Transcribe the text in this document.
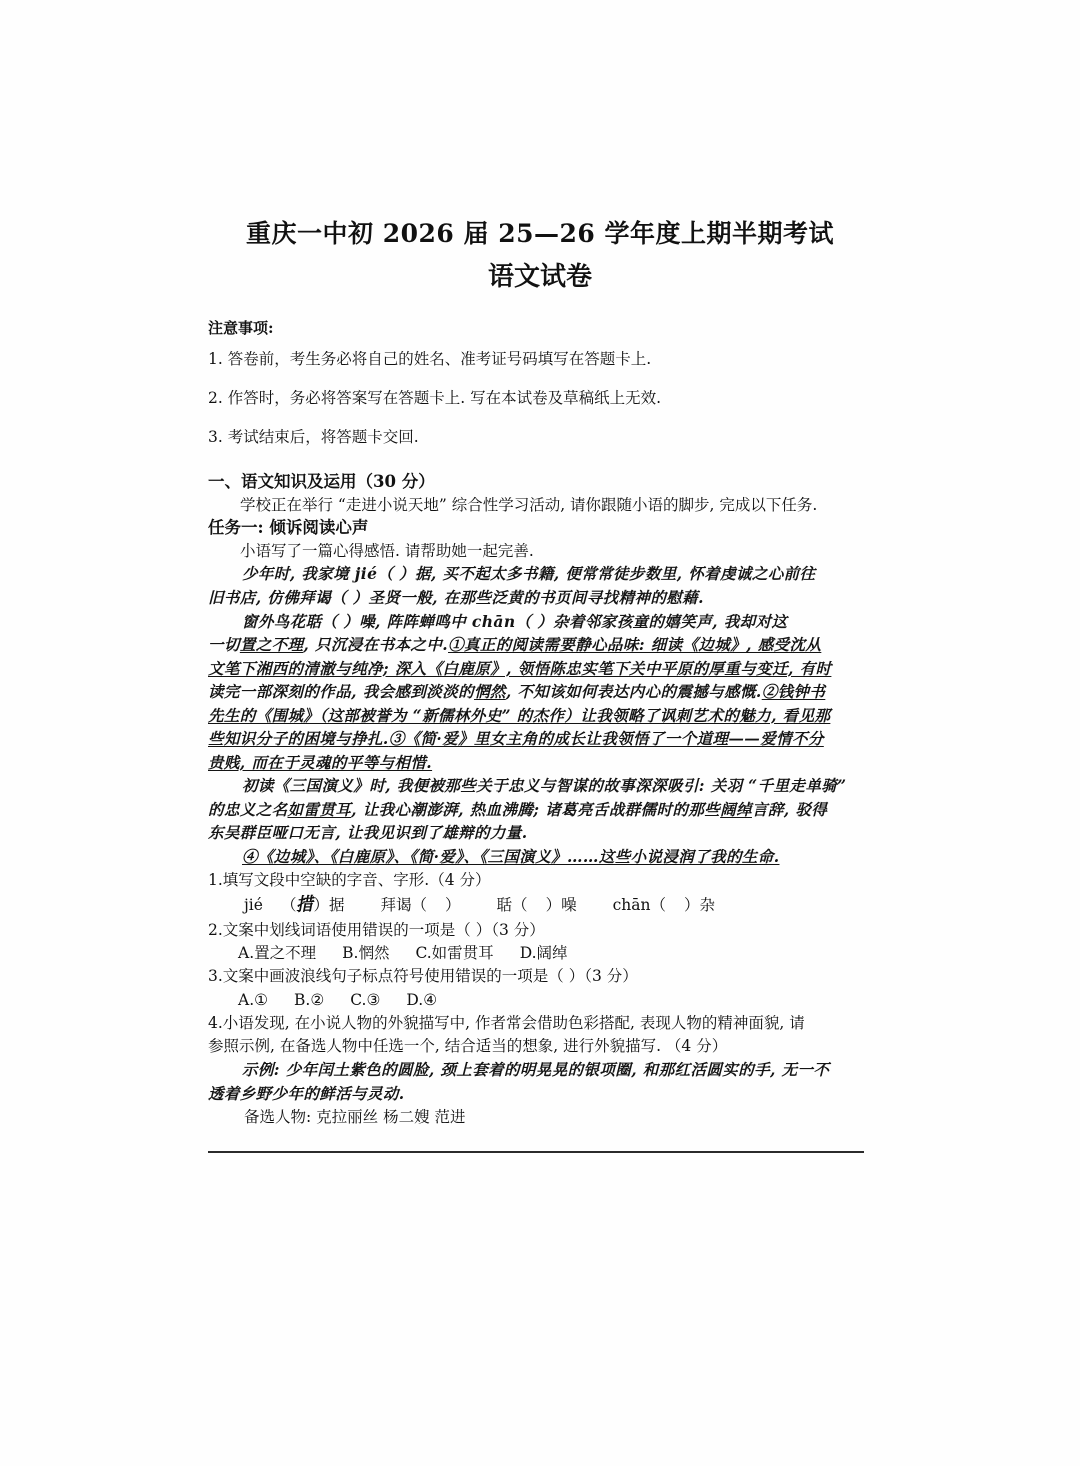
重庆一中初 2026 届 25—26 学年度上期半期考试
语文试卷
注意事项:

1. 答卷前，考生务必将自己的姓名、准考证号码填写在答题卡上.

2. 作答时，务必将答案写在答题卡上. 写在本试卷及草稿纸上无效.

3. 考试结束后，将答题卡交回.

一、语文知识及运用（30 分）

学校正在举行 “走进小说天地” 综合性学习活动, 请你跟随小语的脚步, 完成以下任务.

任务一: 倾诉阅读心声

小语写了一篇心得感悟. 请帮助她一起完善.

少年时, 我家境 jié（ ）据, 买不起太多书籍, 便常常徒步数里, 怀着虔诚之心前往

旧书店, 仿佛拜谒（ ）圣贤一般, 在那些泛黄的书页间寻找精神的慰藉.

窗外鸟花聒（ ）噪, 阵阵蝉鸣中 chān（ ）杂着邻家孩童的嬉笑声, 我却对这

一切置之不理, 只沉浸在书本之中.①真正的阅读需要静心品味: 细读《边城》, 感受沈从

文笔下湘西的清澈与纯净; 深入《白鹿原》, 领悟陈忠实笔下关中平原的厚重与变迁, 有时

读完一部深刻的作品, 我会感到淡淡的惘然, 不知该如何表达内心的震撼与感慨.②钱钟书

先生的《围城》（这部被誉为 “新儒林外史” 的杰作）让我领略了讽刺艺术的魅力, 看见那

些知识分子的困境与挣扎.③《简·爱》里女主角的成长让我领悟了一个道理——爱情不分

贵贱, 而在于灵魂的平等与相惜.

初读《三国演义》时, 我便被那些关于忠义与智谋的故事深深吸引: 关羽 “千里走单骑”

的忠义之名如雷贯耳, 让我心潮澎湃, 热血沸腾; 诸葛亮舌战群儒时的那些阔绰言辞, 驳得

东吴群臣哑口无言, 让我见识到了雄辩的力量.

④《边城》、《白鹿原》、《简·爱》、《三国演义》……这些小说浸润了我的生命.

1.填写文段中空缺的字音、字形.（4 分）

jié （措）据 拜谒（ ） 聒（ ）噪 chān（ ）杂

2.文案中划线词语使用错误的一项是（ ）（3 分）

A.置之不理 B.惘然 C.如雷贯耳 D.阔绰

3.文案中画波浪线句子标点符号使用错误的一项是（ ）（3 分）

A.① B.② C.③ D.④

4.小语发现, 在小说人物的外貌描写中, 作者常会借助色彩搭配, 表现人物的精神面貌, 请

参照示例, 在备选人物中任选一个, 结合适当的想象, 进行外貌描写. （4 分）

示例: 少年闰土紫色的圆脸, 颈上套着的明晃晃的银项圈, 和那红活圆实的手, 无一不

透着乡野少年的鲜活与灵动.

备选人物: 克拉丽丝 杨二嫂 范进
